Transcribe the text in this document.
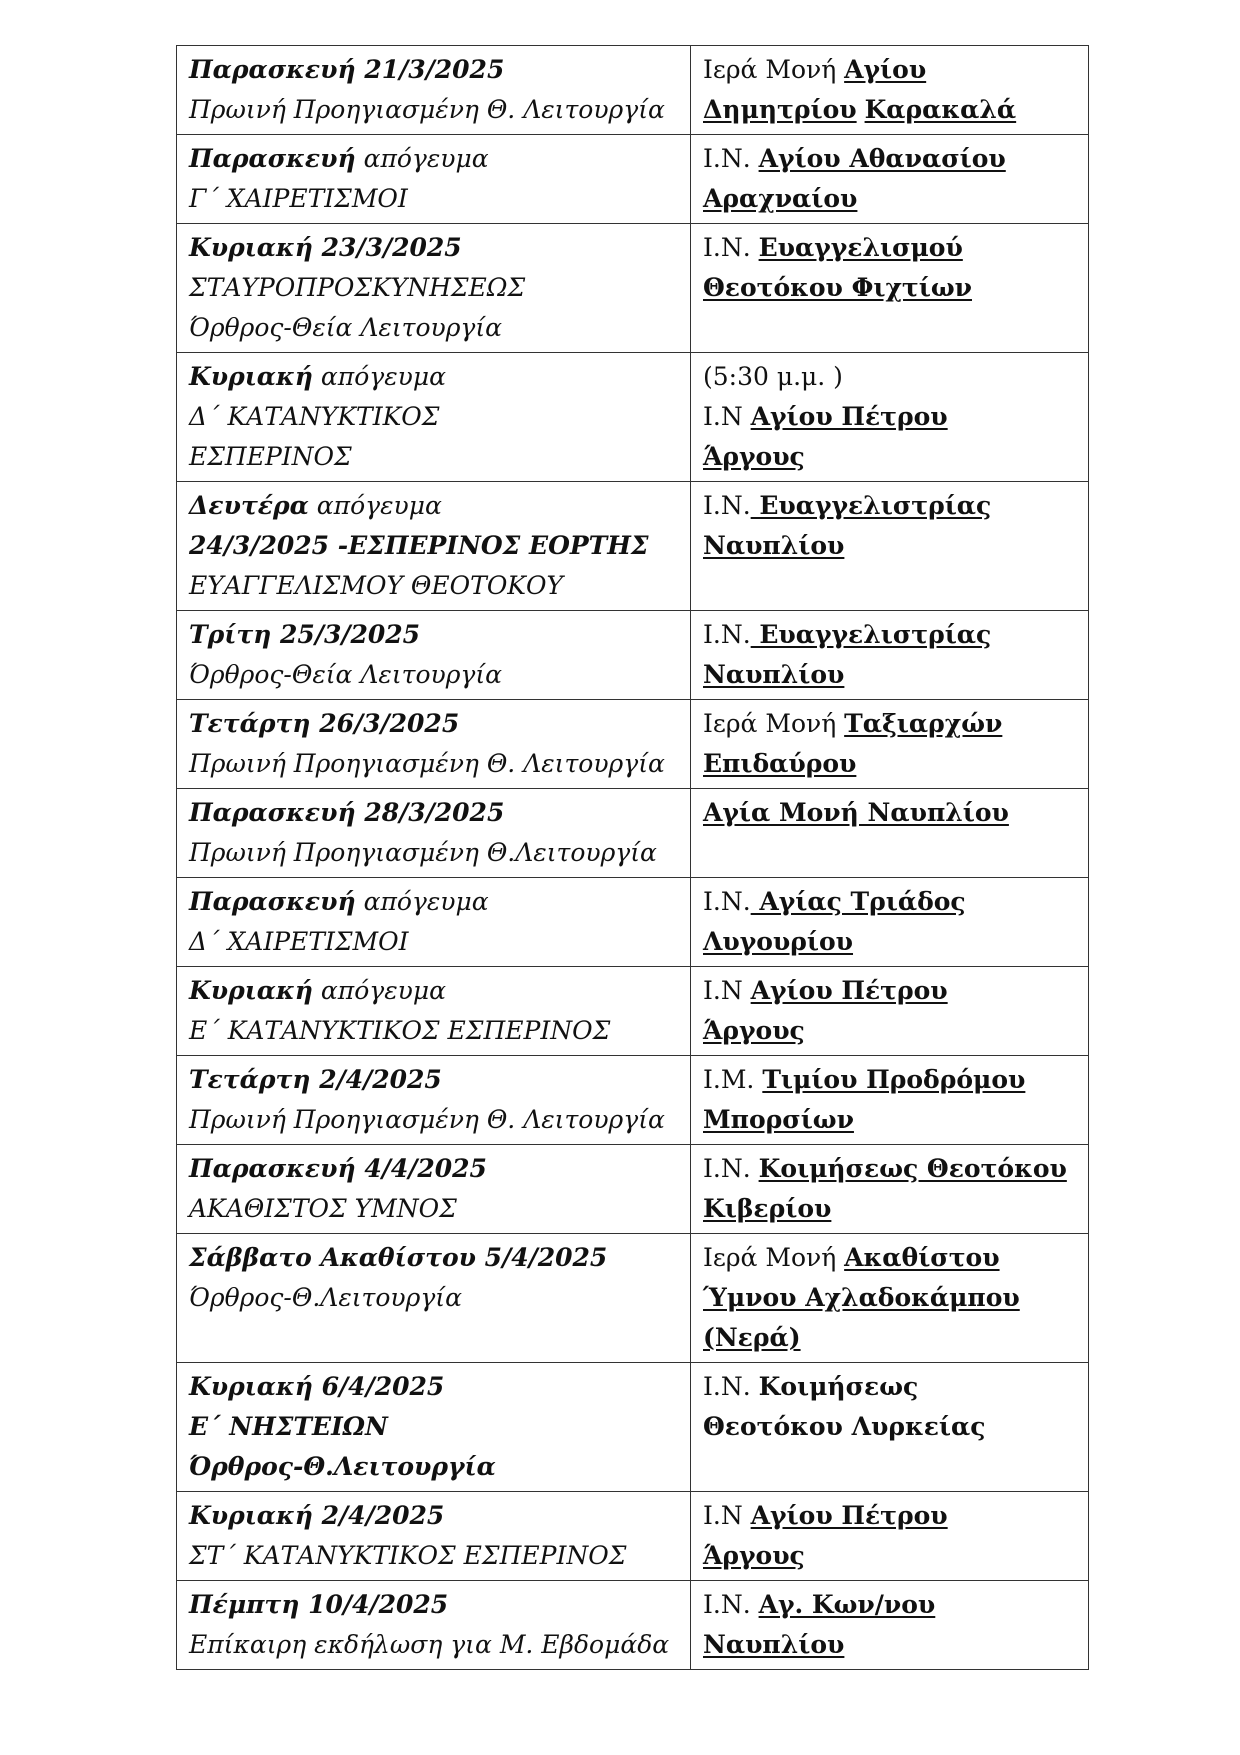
Παρασκευή 21/3/2025
Πρωινή Προηγιασμένη Θ. Λειτουργία	Ιερά Μονή Αγίου
Δημητρίου Καρακαλά

Παρασκευή απόγευμα
Γ΄ ΧΑΙΡΕΤΙΣΜΟΙ	Ι.Ν. Αγίου Αθανασίου
Αραχναίου

Κυριακή 23/3/2025
ΣΤΑΥΡΟΠΡΟΣΚΥΝΗΣΕΩΣ
Όρθρος-Θεία Λειτουργία	Ι.Ν. Ευαγγελισμού
Θεοτόκου Φιχτίων

Κυριακή απόγευμα
Δ΄ ΚΑΤΑΝΥΚΤΙΚΟΣ
ΕΣΠΕΡΙΝΟΣ	(5:30 μ.μ. )
Ι.Ν Αγίου Πέτρου
Άργους

Δευτέρα απόγευμα
24/3/2025 -ΕΣΠΕΡΙΝΟΣ ΕΟΡΤΗΣ
ΕΥΑΓΓΕΛΙΣΜΟΥ ΘΕΟΤΟΚΟΥ	Ι.Ν. Ευαγγελιστρίας
Ναυπλίου

Τρίτη 25/3/2025
Όρθρος-Θεία Λειτουργία	Ι.Ν. Ευαγγελιστρίας
Ναυπλίου

Τετάρτη 26/3/2025
Πρωινή Προηγιασμένη Θ. Λειτουργία	Ιερά Μονή Ταξιαρχών
Επιδαύρου

Παρασκευή 28/3/2025
Πρωινή Προηγιασμένη Θ.Λειτουργία	Αγία Μονή Ναυπλίου

Παρασκευή απόγευμα
Δ΄ ΧΑΙΡΕΤΙΣΜΟΙ	Ι.Ν. Αγίας Τριάδος
Λυγουρίου

Κυριακή απόγευμα
Ε΄ ΚΑΤΑΝΥΚΤΙΚΟΣ ΕΣΠΕΡΙΝΟΣ	Ι.Ν Αγίου Πέτρου
Άργους

Τετάρτη 2/4/2025
Πρωινή Προηγιασμένη Θ. Λειτουργία	Ι.Μ. Τιμίου Προδρόμου
Μπορσίων

Παρασκευή 4/4/2025
ΑΚΑΘΙΣΤΟΣ ΥΜΝΟΣ	Ι.Ν. Κοιμήσεως Θεοτόκου
Κιβερίου

Σάββατο Ακαθίστου 5/4/2025
Όρθρος-Θ.Λειτουργία	Ιερά Μονή Ακαθίστου
Ύμνου Αχλαδοκάμπου
(Νερά)

Κυριακή 6/4/2025
Ε΄ ΝΗΣΤΕΙΩΝ
Όρθρος-Θ.Λειτουργία	Ι.Ν. Κοιμήσεως
Θεοτόκου Λυρκείας

Κυριακή 2/4/2025
ΣΤ΄ ΚΑΤΑΝΥΚΤΙΚΟΣ ΕΣΠΕΡΙΝΟΣ	Ι.Ν Αγίου Πέτρου
Άργους

Πέμπτη 10/4/2025
Επίκαιρη εκδήλωση για Μ. Εβδομάδα	Ι.Ν. Αγ. Κων/νου
Ναυπλίου
